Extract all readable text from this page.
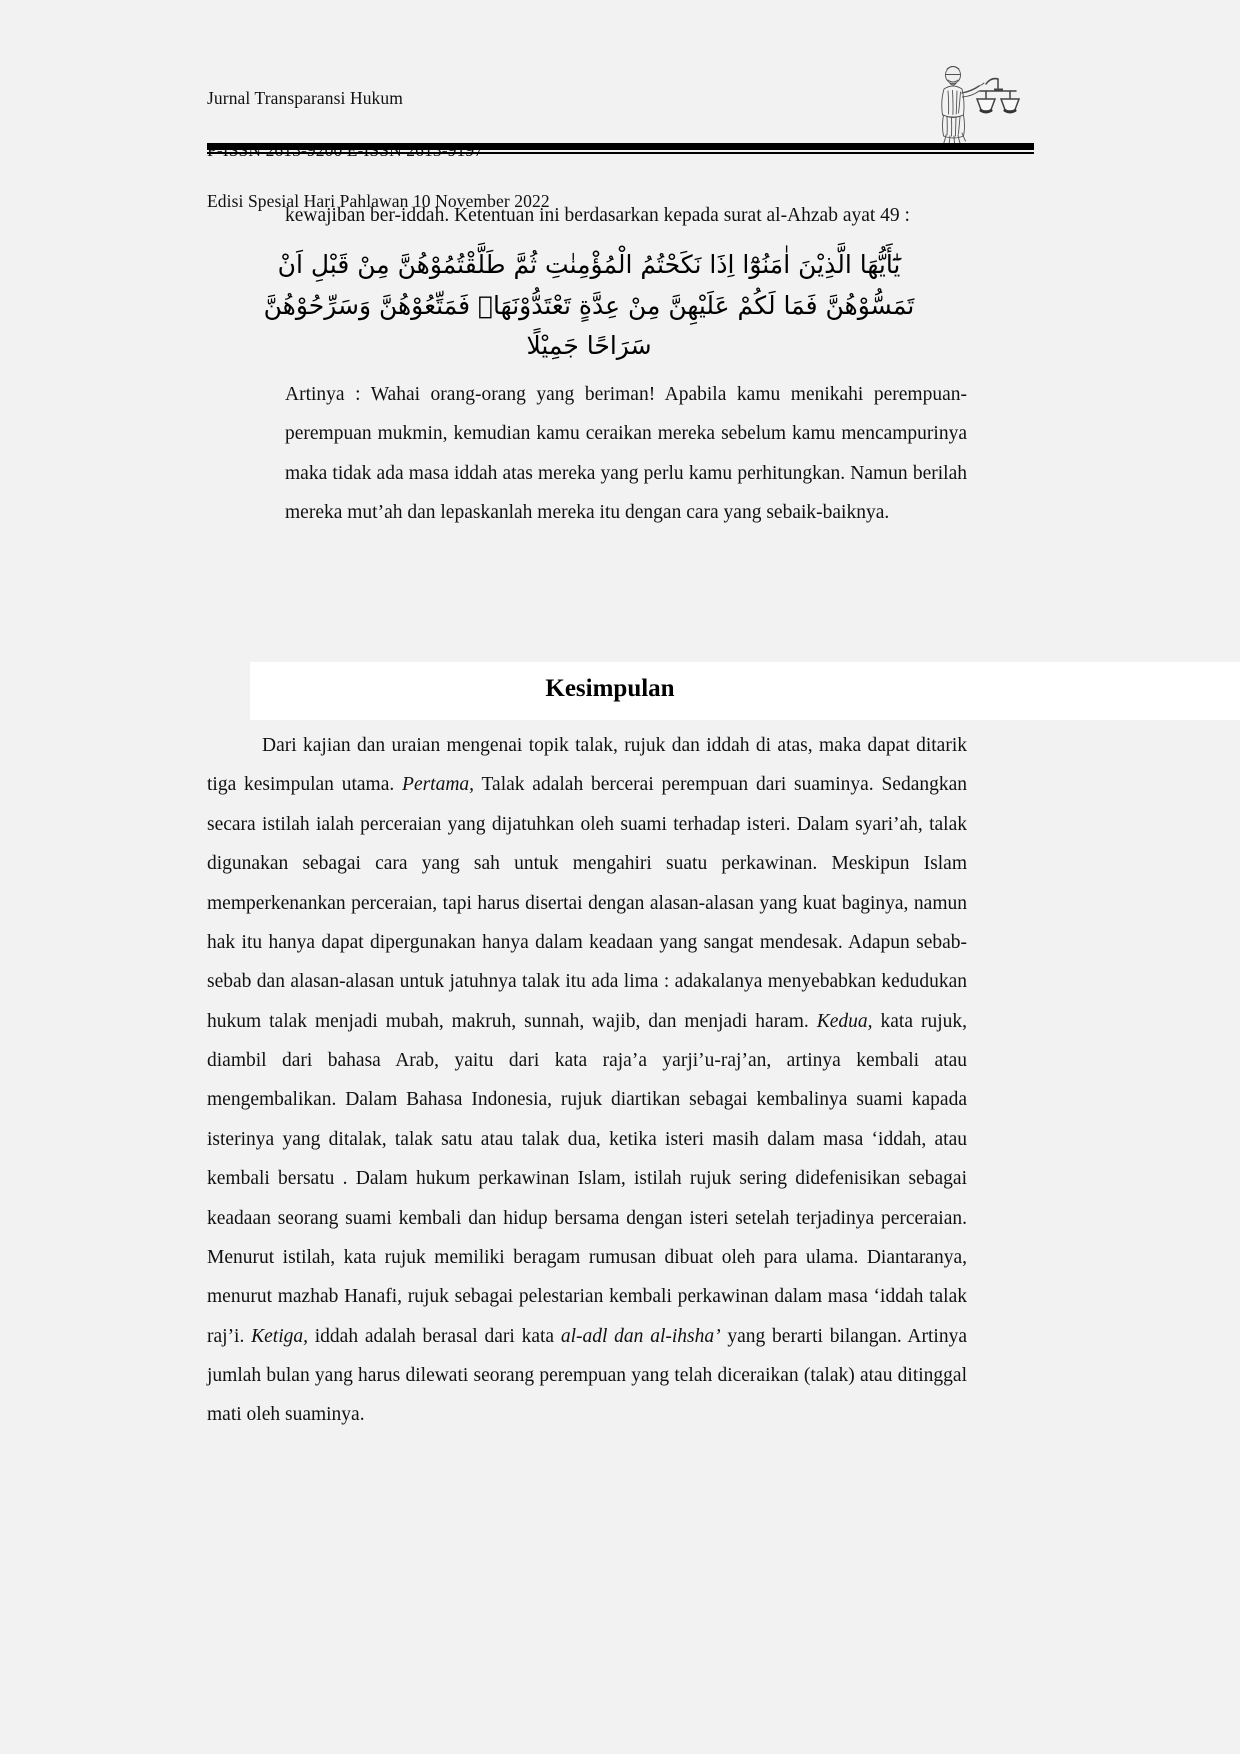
Jurnal Transparansi Hukum

Edisi Spesial Hari Pahlawan 10 November 2022

kewajiban ber-iddah. Ketentuan ini berdasarkan kepada surat al-Ahzab ayat 49 :

يَٰٓأَيُّهَا الَّذِيْنَ اٰمَنُوْٓا اِذَا نَكَحْتُمُ الْمُؤْمِنٰتِ ثُمَّ طَلَّقْتُمُوْهُنَّ مِنْ قَبْلِ اَنْ
تَمَسُّوْهُنَّ فَمَا لَكُمْ عَلَيْهِنَّ مِنْ عِدَّةٍ تَعْتَدُّوْنَهَاۚ فَمَتِّعُوْهُنَّ وَسَرِّحُوْهُنَّ
سَرَاحًا جَمِيْلًا

Artinya : Wahai orang-orang yang beriman! Apabila kamu menikahi perempuan-perempuan mukmin, kemudian kamu ceraikan mereka sebelum kamu mencampurinya maka tidak ada masa iddah atas mereka yang perlu kamu perhitungkan. Namun berilah mereka mut’ah dan lepaskanlah mereka itu dengan cara yang sebaik-baiknya.

Kesimpulan

Dari kajian dan uraian mengenai topik talak, rujuk dan iddah di atas, maka dapat ditarik tiga kesimpulan utama. Pertama, Talak adalah bercerai perempuan dari suaminya. Sedangkan secara istilah ialah perceraian yang dijatuhkan oleh suami terhadap isteri. Dalam syari’ah, talak digunakan sebagai cara yang sah untuk mengahiri suatu perkawinan. Meskipun Islam memperkenankan perceraian, tapi harus disertai dengan alasan-alasan yang kuat baginya, namun hak itu hanya dapat dipergunakan hanya dalam keadaan yang sangat mendesak. Adapun sebab-sebab dan alasan-alasan untuk jatuhnya talak itu ada lima : adakalanya menyebabkan kedudukan hukum talak menjadi mubah, makruh, sunnah, wajib, dan menjadi haram. Kedua, kata rujuk, diambil dari bahasa Arab, yaitu dari kata raja’a yarji’u-raj’an, artinya kembali atau mengembalikan. Dalam Bahasa Indonesia, rujuk diartikan sebagai kembalinya suami kapada isterinya yang ditalak, talak satu atau talak dua, ketika isteri masih dalam masa ‘iddah, atau kembali bersatu . Dalam hukum perkawinan Islam, istilah rujuk sering didefenisikan sebagai keadaan seorang suami kembali dan hidup bersama dengan isteri setelah terjadinya perceraian. Menurut istilah, kata rujuk memiliki beragam rumusan dibuat oleh para ulama. Diantaranya, menurut mazhab Hanafi, rujuk sebagai pelestarian kembali perkawinan dalam masa ‘iddah talak raj’i. Ketiga, iddah adalah berasal dari kata al-adl dan al-ihsha’ yang berarti bilangan. Artinya jumlah bulan yang harus dilewati seorang perempuan yang telah diceraikan (talak) atau ditinggal mati oleh suaminya.
